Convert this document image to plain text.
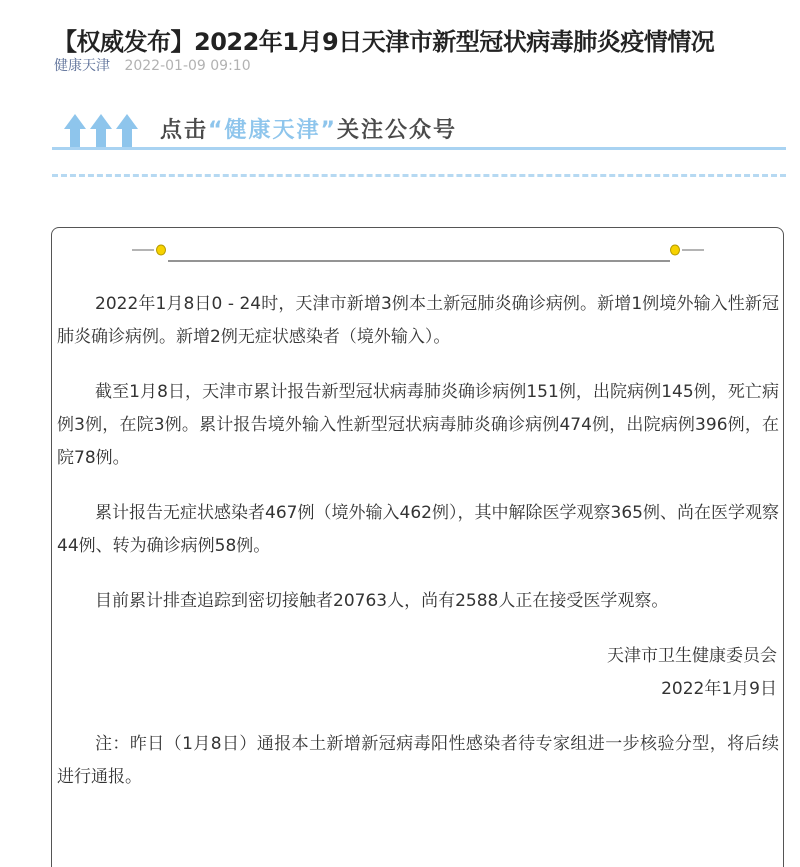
【权威发布】2022年1月9日天津市新型冠状病毒肺炎疫情情况
健康天津 2022-01-09 09:10
点击“健康天津”关注公众号

2022年1月8日0 - 24时，天津市新增3例本土新冠肺炎确诊病例。新增1例境外输入性新冠肺炎确诊病例。新增2例无症状感染者（境外输入）。

截至1月8日，天津市累计报告新型冠状病毒肺炎确诊病例151例，出院病例145例，死亡病例3例，在院3例。累计报告境外输入性新型冠状病毒肺炎确诊病例474例，出院病例396例，在院78例。

累计报告无症状感染者467例（境外输入462例），其中解除医学观察365例、尚在医学观察44例、转为确诊病例58例。

目前累计排查追踪到密切接触者20763人，尚有2588人正在接受医学观察。

天津市卫生健康委员会

2022年1月9日

注：昨日（1月8日）通报本土新增新冠病毒阳性感染者待专家组进一步核验分型，将后续进行通报。
